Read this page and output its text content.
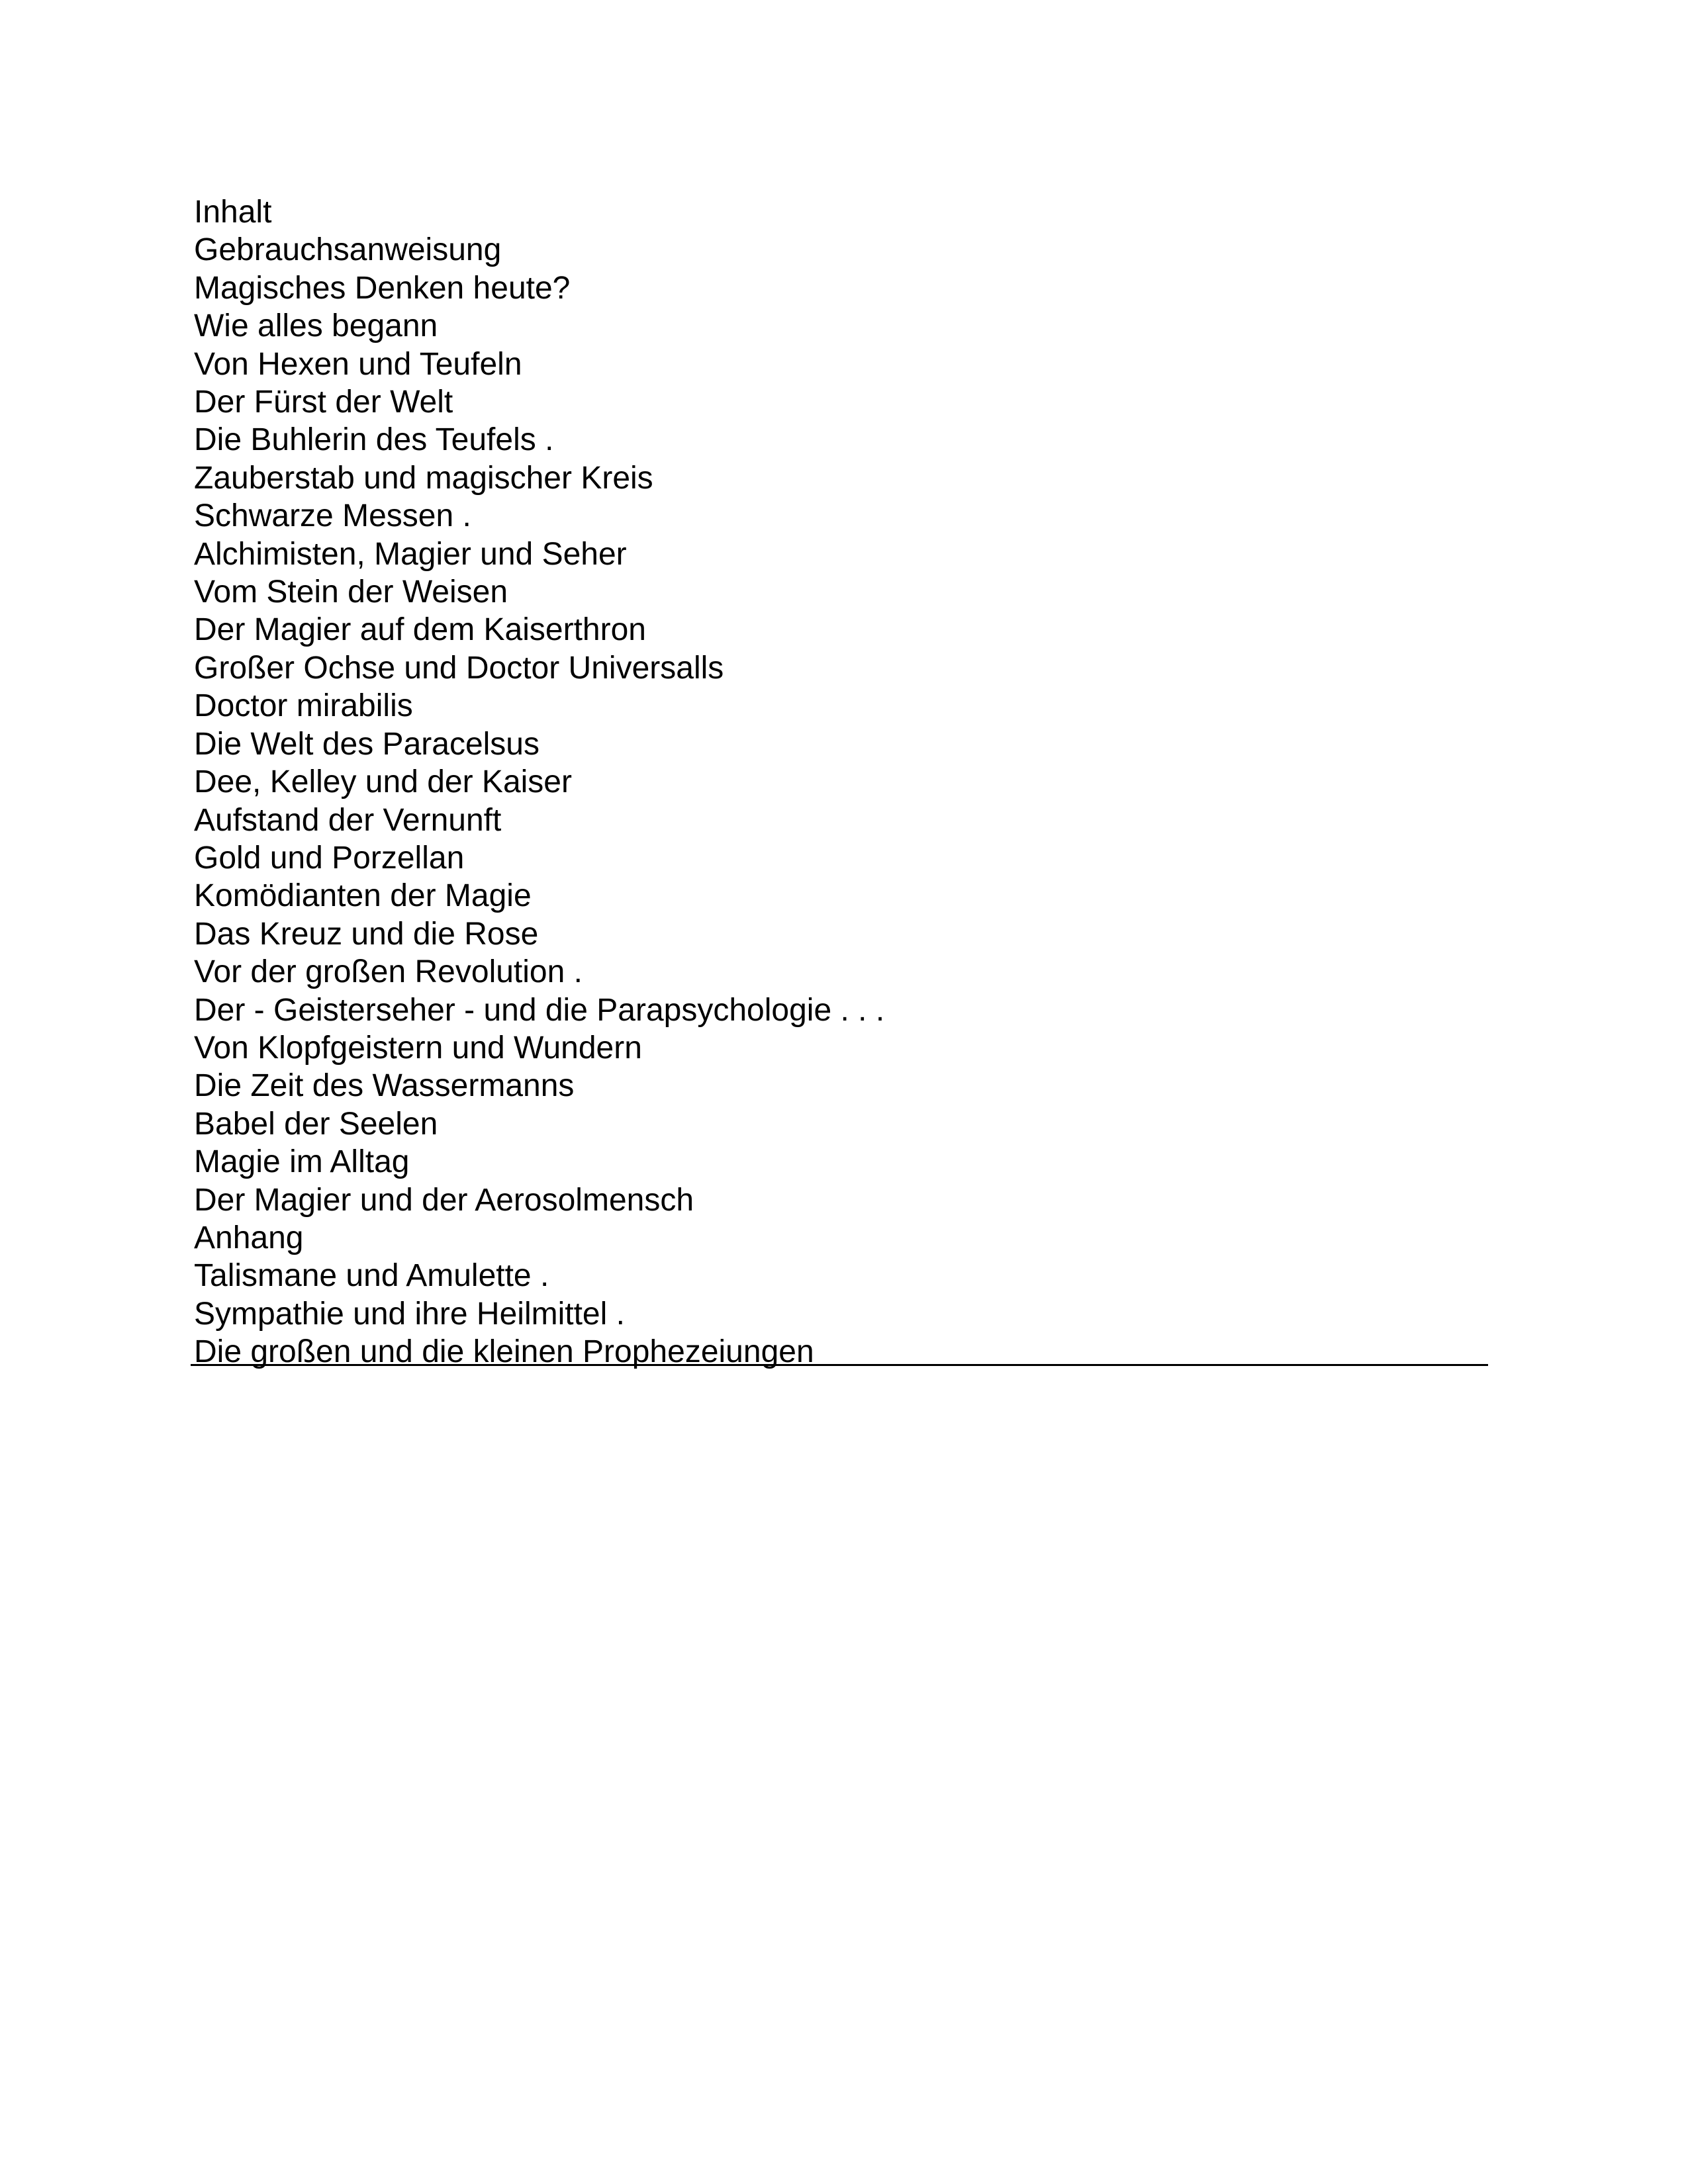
Inhalt
Gebrauchsanweisung
Magisches Denken heute?
Wie alles begann
Von Hexen und Teufeln
Der Fürst der Welt
Die Buhlerin des Teufels .
Zauberstab und magischer Kreis
Schwarze Messen .
Alchimisten, Magier und Seher
Vom Stein der Weisen
Der Magier auf dem Kaiserthron
Großer Ochse und Doctor Universalls
Doctor mirabilis
Die Welt des Paracelsus
Dee, Kelley und der Kaiser
Aufstand der Vernunft
Gold und Porzellan
Komödianten der Magie
Das Kreuz und die Rose
Vor der großen Revolution .
Der - Geisterseher - und die Parapsychologie . . .
Von Klopfgeistern und Wundern
Die Zeit des Wassermanns
Babel der Seelen
Magie im Alltag
Der Magier und der Aerosolmensch
Anhang
Talismane und Amulette .
Sympathie und ihre Heilmittel .
Die großen und die kleinen Prophezeiungen
